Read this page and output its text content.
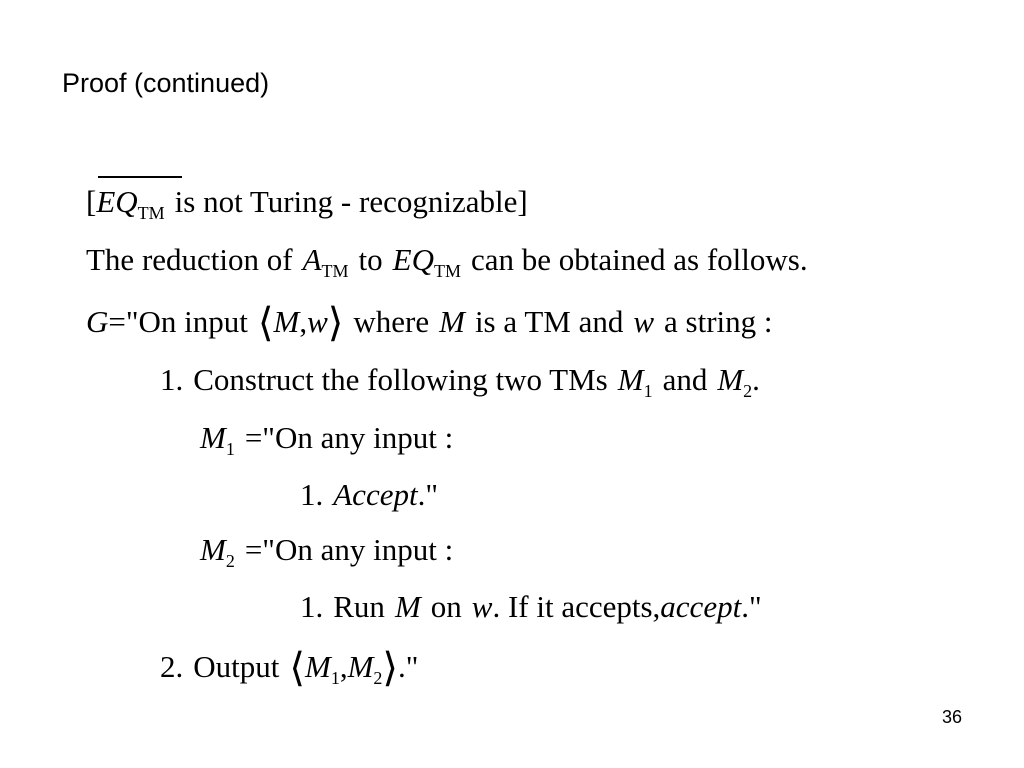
Proof (continued)
[$EQ_{TM}$ is not Turing - recognizable]
The reduction of $A_{TM}$ to $EQ_{TM}$ can be obtained as follows.
G="On input ⟨M,w⟩ where M is a TM and w a string :
1. Construct the following two TMs $M_1$ and $M_2$.
$M_1$ ="On any input :
1. Accept."
$M_2$ ="On any input :
1. Run M on w. If it accepts,accept."
2. Output $⟨M_1,M_2⟩$."
36
